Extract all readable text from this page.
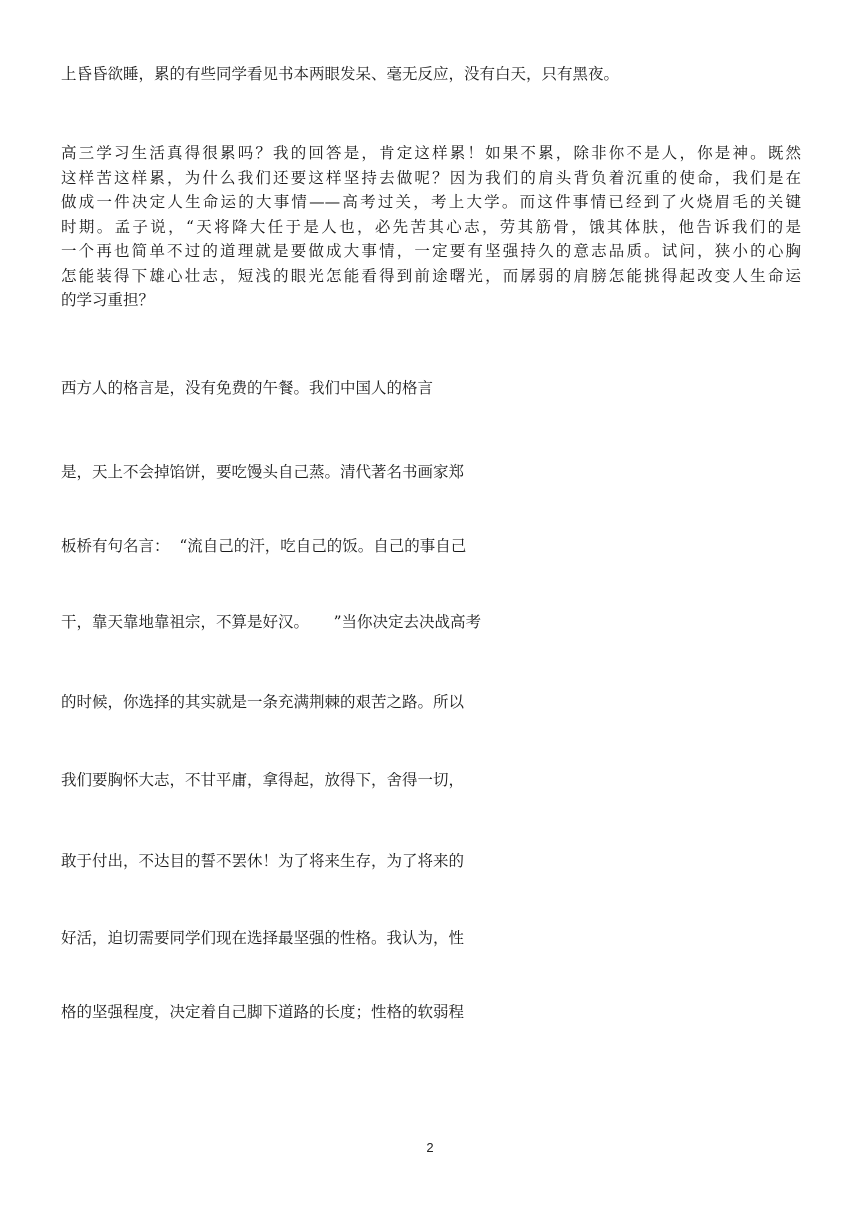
上昏昏欲睡，累的有些同学看见书本两眼发呆、毫无反应，没有白天，只有黑夜。

高三学习生活真得很累吗？我的回答是，肯定这样累！如果不累，除非你不是人，你是神。既然
这样苦这样累，为什么我们还要这样坚持去做呢？因为我们的肩头背负着沉重的使命，我们是在
做成一件决定人生命运的大事情——高考过关，考上大学。而这件事情已经到了火烧眉毛的关键
时期。孟子说，“天将降大任于是人也，必先苦其心志，劳其筋骨，饿其体肤，他告诉我们的是
一个再也简单不过的道理就是要做成大事情，一定要有坚强持久的意志品质。试问，狭小的心胸
怎能装得下雄心壮志，短浅的眼光怎能看得到前途曙光，而孱弱的肩膀怎能挑得起改变人生命运
的学习重担？

西方人的格言是，没有免费的午餐。我们中国人的格言

是，天上不会掉馅饼，要吃馒头自己蒸。清代著名书画家郑

板桥有句名言：  “流自己的汗，吃自己的饭。自己的事自己

干，靠天靠地靠祖宗，不算是好汉。     ”当你决定去决战高考

的时候，你选择的其实就是一条充满荆棘的艰苦之路。所以

我们要胸怀大志，不甘平庸，拿得起，放得下，舍得一切，

敢于付出，不达目的誓不罢休！为了将来生存，为了将来的

好活，迫切需要同学们现在选择最坚强的性格。我认为，性

格的坚强程度，决定着自己脚下道路的长度；性格的软弱程

2
